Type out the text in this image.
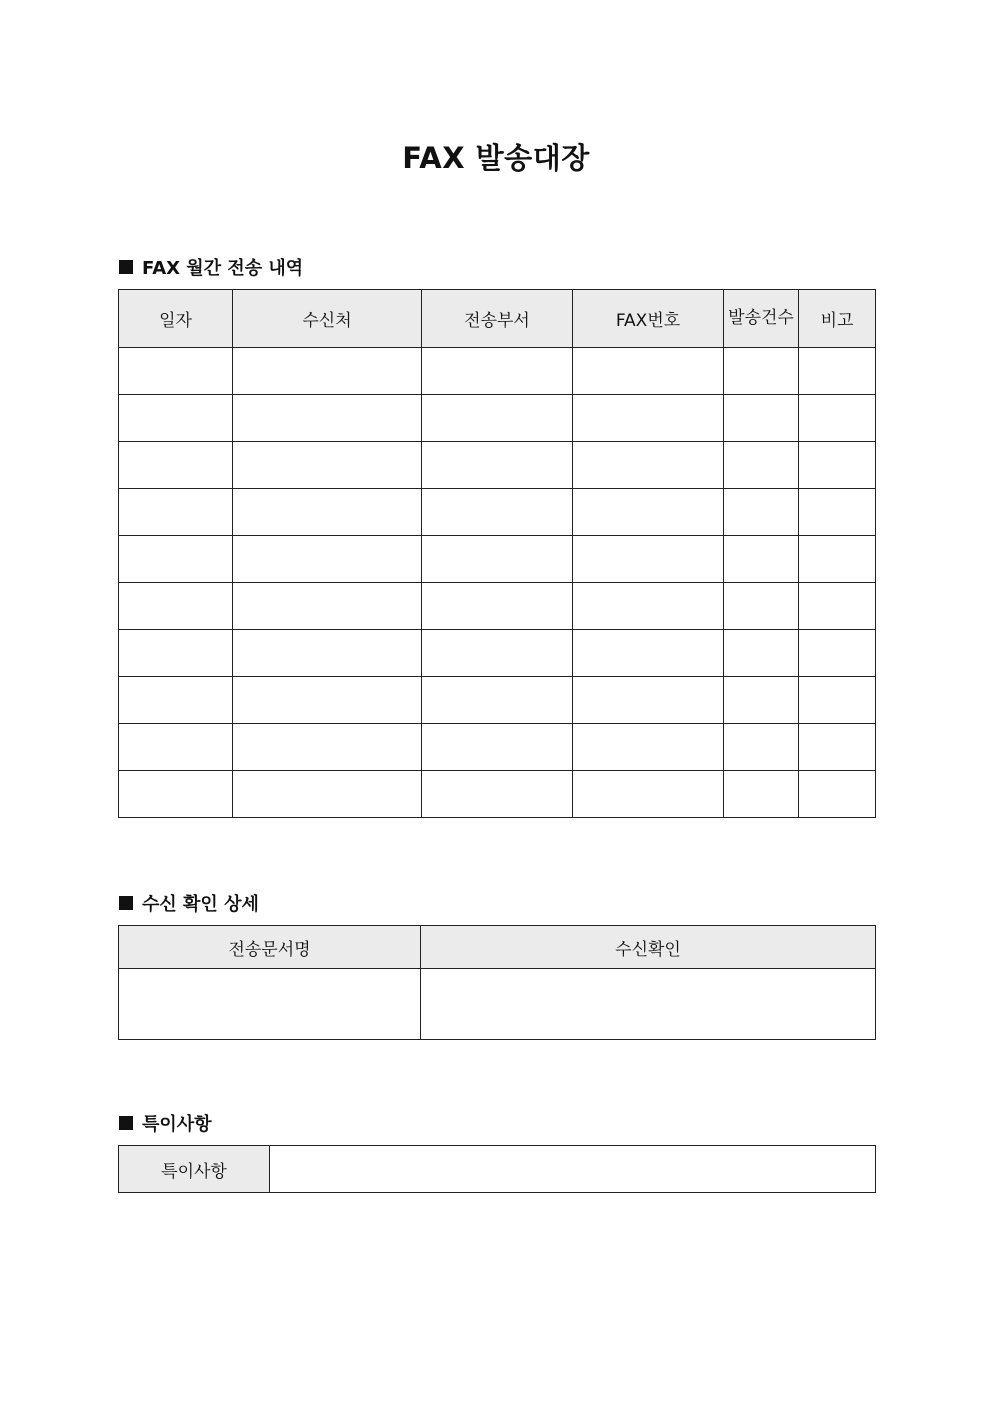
FAX 발송대장
FAX 월간 전송 내역
일자	수신처	전송부서	FAX번호	발송건수	비고

수신 확인 상세
전송문서명	수신확인

특이사항
특이사항	
